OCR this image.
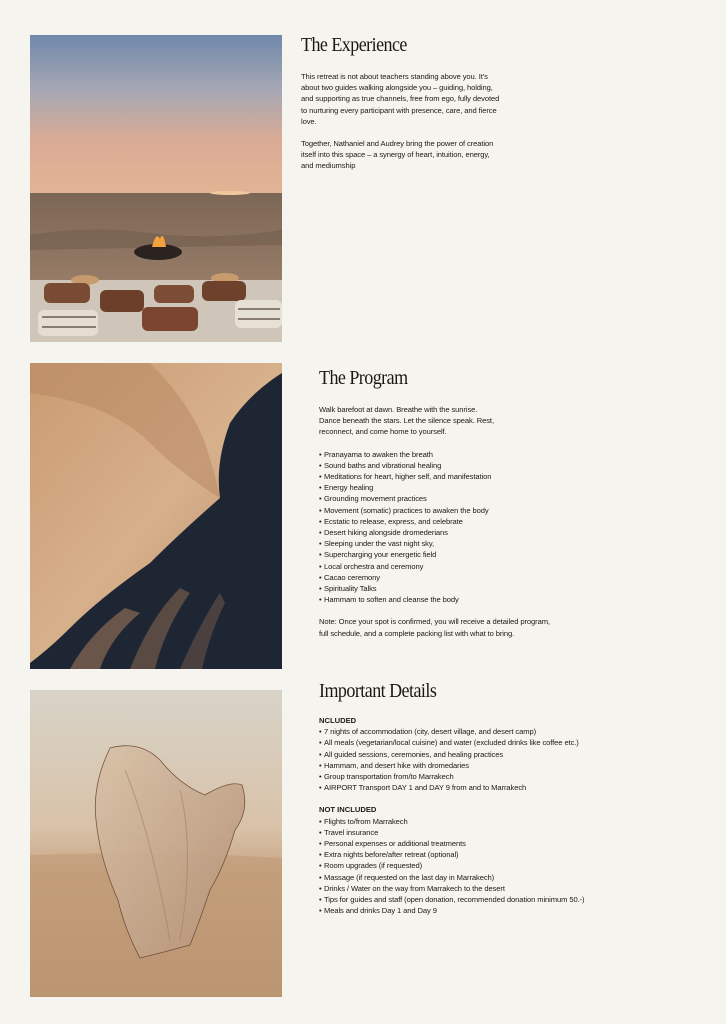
The Experience

This retreat is not about teachers standing above you. It's
about two guides walking alongside you – guiding, holding,
and supporting as true channels, free from ego, fully devoted
to nurturing every participant with presence, care, and fierce
love.

Together, Nathaniel and Audrey bring the power of creation
itself into this space – a synergy of heart, intuition, energy,
and mediumship

The Program

Walk barefoot at dawn. Breathe with the sunrise.
Dance beneath the stars. Let the silence speak. Rest,
reconnect, and come home to yourself.

• Pranayama to awaken the breath
• Sound baths and vibrational healing
• Meditations for heart, higher self, and manifestation
• Energy healing
• Grounding movement practices
• Movement (somatic) practices to awaken the body
• Ecstatic to release, express, and celebrate
• Desert hiking alongside dromederians
• Sleeping under the vast night sky,
• Supercharging your energetic field
• Local orchestra and ceremony
• Cacao ceremony
• Spirituality Talks
• Hammam to soften and cleanse the body

Note: Once your spot is confirmed, you will receive a detailed program,
full schedule, and a complete packing list with what to bring.

Important Details
NCLUDED
• 7 nights of accommodation (city, desert village, and desert camp)
• All meals (vegetarian/local cuisine) and water (excluded drinks like coffee etc.)
• All guided sessions, ceremonies, and healing practices
• Hammam, and desert hike with dromedaries
• Group transportation from/to Marrakech
• AIRPORT Transport DAY 1 and DAY 9 from and to Marrakech
NOT INCLUDED
• Flights to/from Marrakech
• Travel insurance
• Personal expenses or additional treatments
• Extra nights before/after retreat (optional)
• Room upgrades (if requested)
• Massage (if requested on the last day in Marrakech)
• Drinks / Water on the way from Marrakech to the desert
• Tips for guides and staff (open donation, recommended donation minimum 50.-)
• Meals and drinks Day 1 and Day 9
